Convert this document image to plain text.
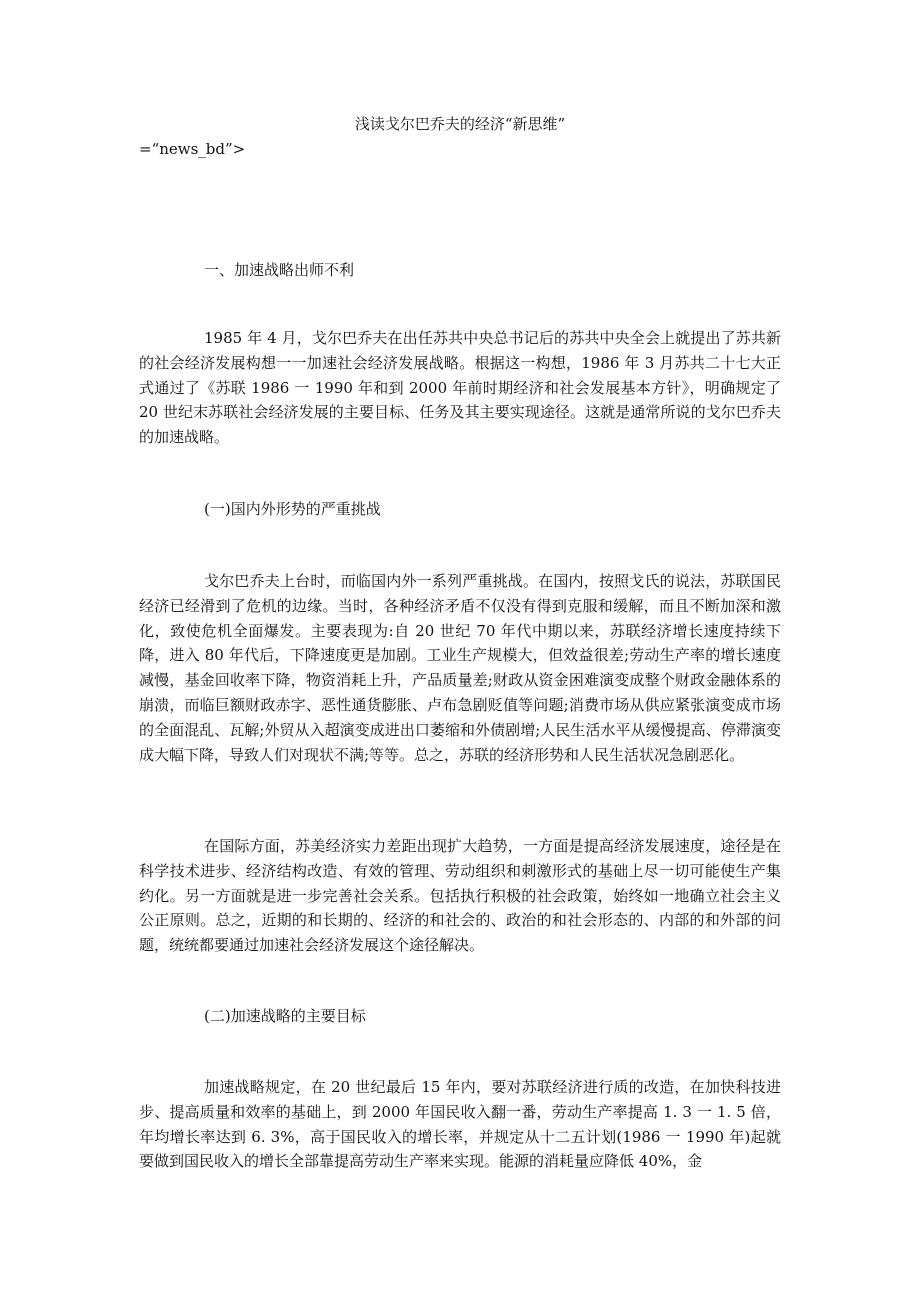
浅读戈尔巴乔夫的经济“新思维”
=“news_bd”>

一、加速战略出师不利

1985 年 4 月，戈尔巴乔夫在出任苏共中央总书记后的苏共中央全会上就提出了苏共新的社会经济发展构想一一加速社会经济发展战略。根据这一构想，1986 年 3 月苏共二十七大正式通过了《苏联 1986 一 1990 年和到 2000 年前时期经济和社会发展基本方针》，明确规定了 20 世纪末苏联社会经济发展的主要目标、任务及其主要实现途径。这就是通常所说的戈尔巴乔夫的加速战略。

(一)国内外形势的严重挑战

戈尔巴乔夫上台时，而临国内外一系列严重挑战。在国内，按照戈氏的说法，苏联国民经济已经滑到了危机的边缘。当时，各种经济矛盾不仅没有得到克服和缓解，而且不断加深和激化，致使危机全面爆发。主要表现为:自 20 世纪 70 年代中期以来，苏联经济增长速度持续下降，进入 80 年代后，下降速度更是加剧。工业生产规模大，但效益很差;劳动生产率的增长速度减慢，基金回收率下降，物资消耗上升，产品质量差;财政从资金困难演变成整个财政金融体系的崩溃，而临巨额财政赤字、恶性通货膨胀、卢布急剧贬值等问题;消费市场从供应紧张演变成市场的全面混乱、瓦解;外贸从入超演变成进出口萎缩和外债剧增;人民生活水平从缓慢提高、停滞演变成大幅下降，导致人们对现状不满;等等。总之，苏联的经济形势和人民生活状况急剧恶化。

在国际方面，苏美经济实力差距出现扩大趋势，一方面是提高经济发展速度，途径是在科学技术进步、经济结构改造、有效的管理、劳动组织和刺激形式的基础上尽一切可能使生产集约化。另一方面就是进一步完善社会关系。包括执行积极的社会政策，始终如一地确立社会主义公正原则。总之，近期的和长期的、经济的和社会的、政治的和社会形态的、内部的和外部的问题，统统都要通过加速社会经济发展这个途径解决。

(二)加速战略的主要目标

加速战略规定，在 20 世纪最后 15 年内，要对苏联经济进行质的改造，在加快科技进步、提高质量和效率的基础上，到 2000 年国民收入翻一番，劳动生产率提高 1. 3 一 1. 5 倍，年均增长率达到 6. 3%，高于国民收入的增长率，并规定从十二五计划(1986 一 1990 年)起就要做到国民收入的增长全部靠提高劳动生产率来实现。能源的消耗量应降低 40%，金
